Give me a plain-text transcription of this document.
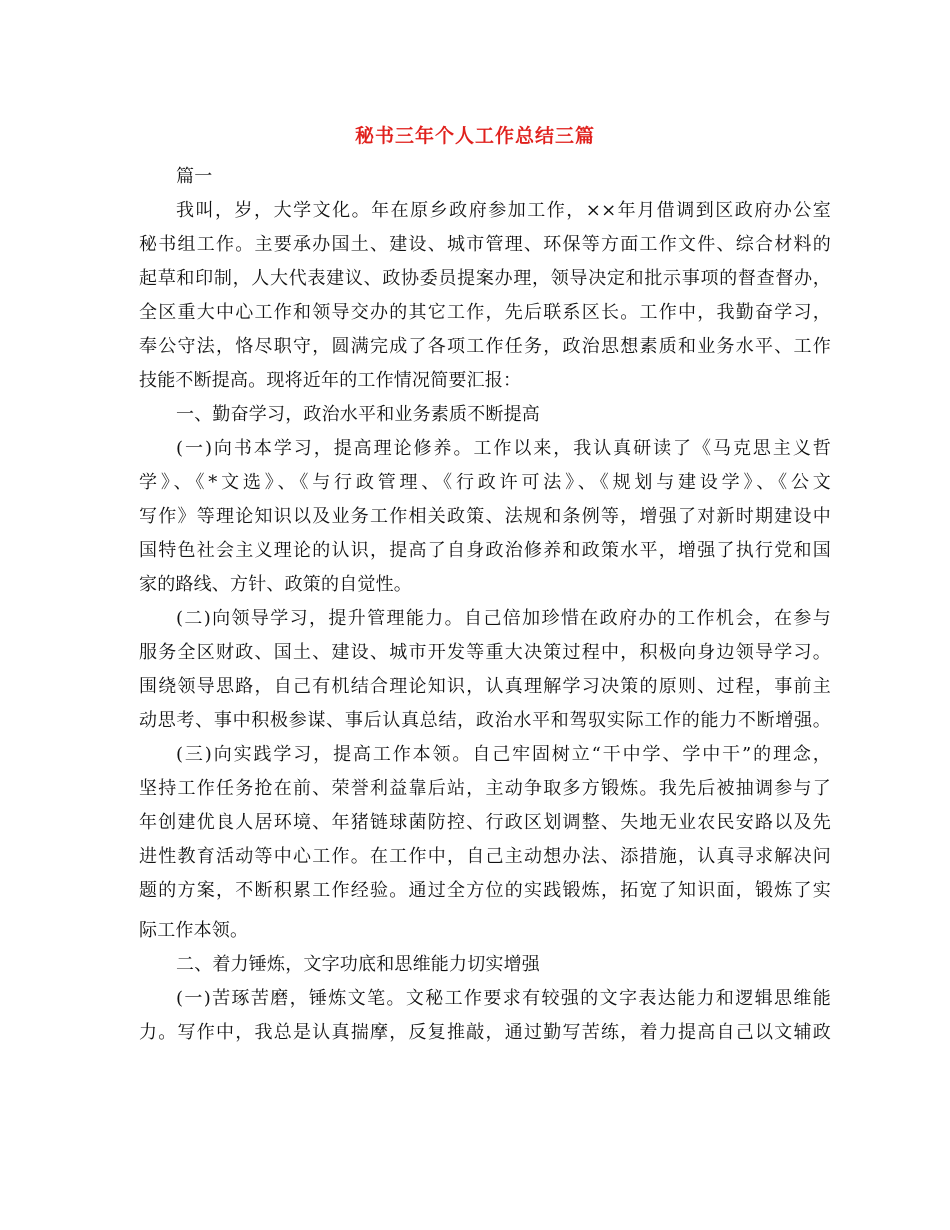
秘书三年个人工作总结三篇
篇一
我叫，岁，大学文化。年在原乡政府参加工作，××年月借调到区政府办公室
秘书组工作。主要承办国土、建设、城市管理、环保等方面工作文件、综合材料的
起草和印制，人大代表建议、政协委员提案办理，领导决定和批示事项的督查督办，
全区重大中心工作和领导交办的其它工作，先后联系区长。工作中，我勤奋学习，
奉公守法，恪尽职守，圆满完成了各项工作任务，政治思想素质和业务水平、工作
技能不断提高。现将近年的工作情况简要汇报：
一、勤奋学习，政治水平和业务素质不断提高
(一)向书本学习，提高理论修养。工作以来，我认真研读了《马克思主义哲
学》、《*文选》、《与行政管理、《行政许可法》、《规划与建设学》、《公文
写作》等理论知识以及业务工作相关政策、法规和条例等，增强了对新时期建设中
国特色社会主义理论的认识，提高了自身政治修养和政策水平，增强了执行党和国
家的路线、方针、政策的自觉性。
(二)向领导学习，提升管理能力。自己倍加珍惜在政府办的工作机会，在参与
服务全区财政、国土、建设、城市开发等重大决策过程中，积极向身边领导学习。
围绕领导思路，自己有机结合理论知识，认真理解学习决策的原则、过程，事前主
动思考、事中积极参谋、事后认真总结，政治水平和驾驭实际工作的能力不断增强。
(三)向实践学习，提高工作本领。自己牢固树立“干中学、学中干”的理念，
坚持工作任务抢在前、荣誉利益靠后站，主动争取多方锻炼。我先后被抽调参与了
年创建优良人居环境、年猪链球菌防控、行政区划调整、失地无业农民安路以及先
进性教育活动等中心工作。在工作中，自己主动想办法、添措施，认真寻求解决问
题的方案，不断积累工作经验。通过全方位的实践锻炼，拓宽了知识面，锻炼了实
际工作本领。
二、着力锤炼，文字功底和思维能力切实增强
(一)苦琢苦磨，锤炼文笔。文秘工作要求有较强的文字表达能力和逻辑思维能
力。写作中，我总是认真揣摩，反复推敲，通过勤写苦练，着力提高自己以文辅政
